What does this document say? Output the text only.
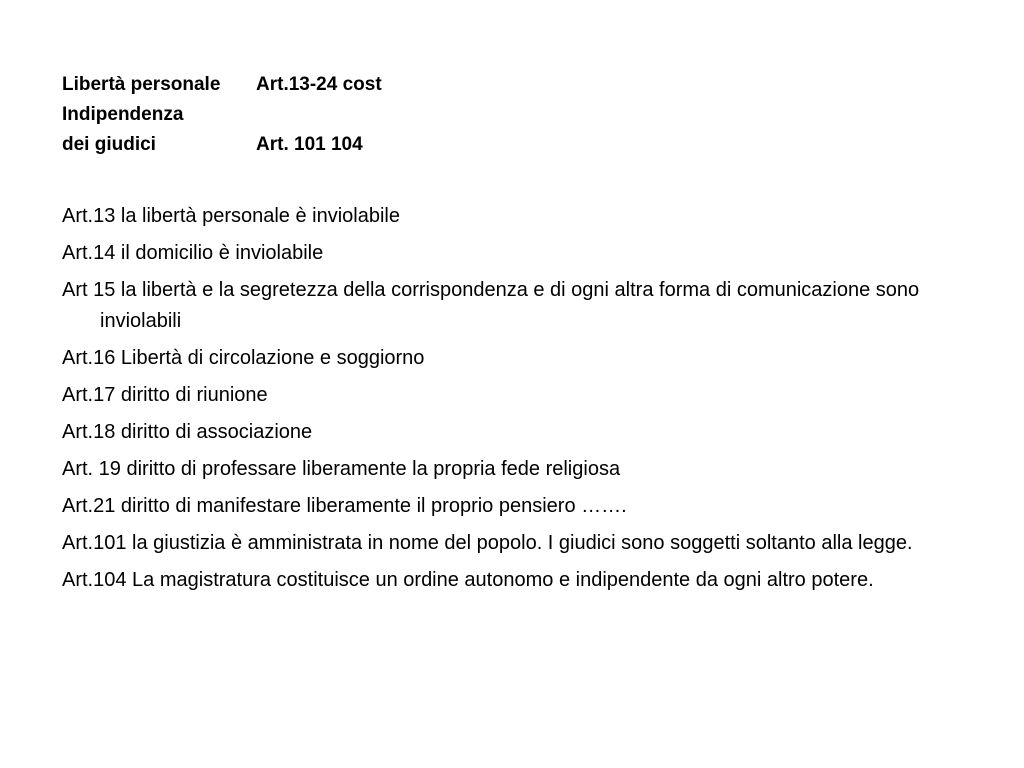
Libertà personale Art.13-24 cost
Indipendenza
dei giudici	Art. 101 104

Art.13 la libertà personale è inviolabile

Art.14 il domicilio è inviolabile

Art 15 la libertà e la segretezza della corrispondenza e di ogni altra forma di comunicazione sono inviolabili

Art.16 Libertà di circolazione e soggiorno

Art.17 diritto di riunione

Art.18 diritto di associazione

Art. 19 diritto di professare liberamente la propria fede religiosa

Art.21 diritto di manifestare liberamente il proprio pensiero …….

Art.101 la giustizia è amministrata in nome del popolo. I giudici sono soggetti soltanto alla legge.

Art.104 La magistratura costituisce un ordine autonomo e indipendente da ogni altro potere.
